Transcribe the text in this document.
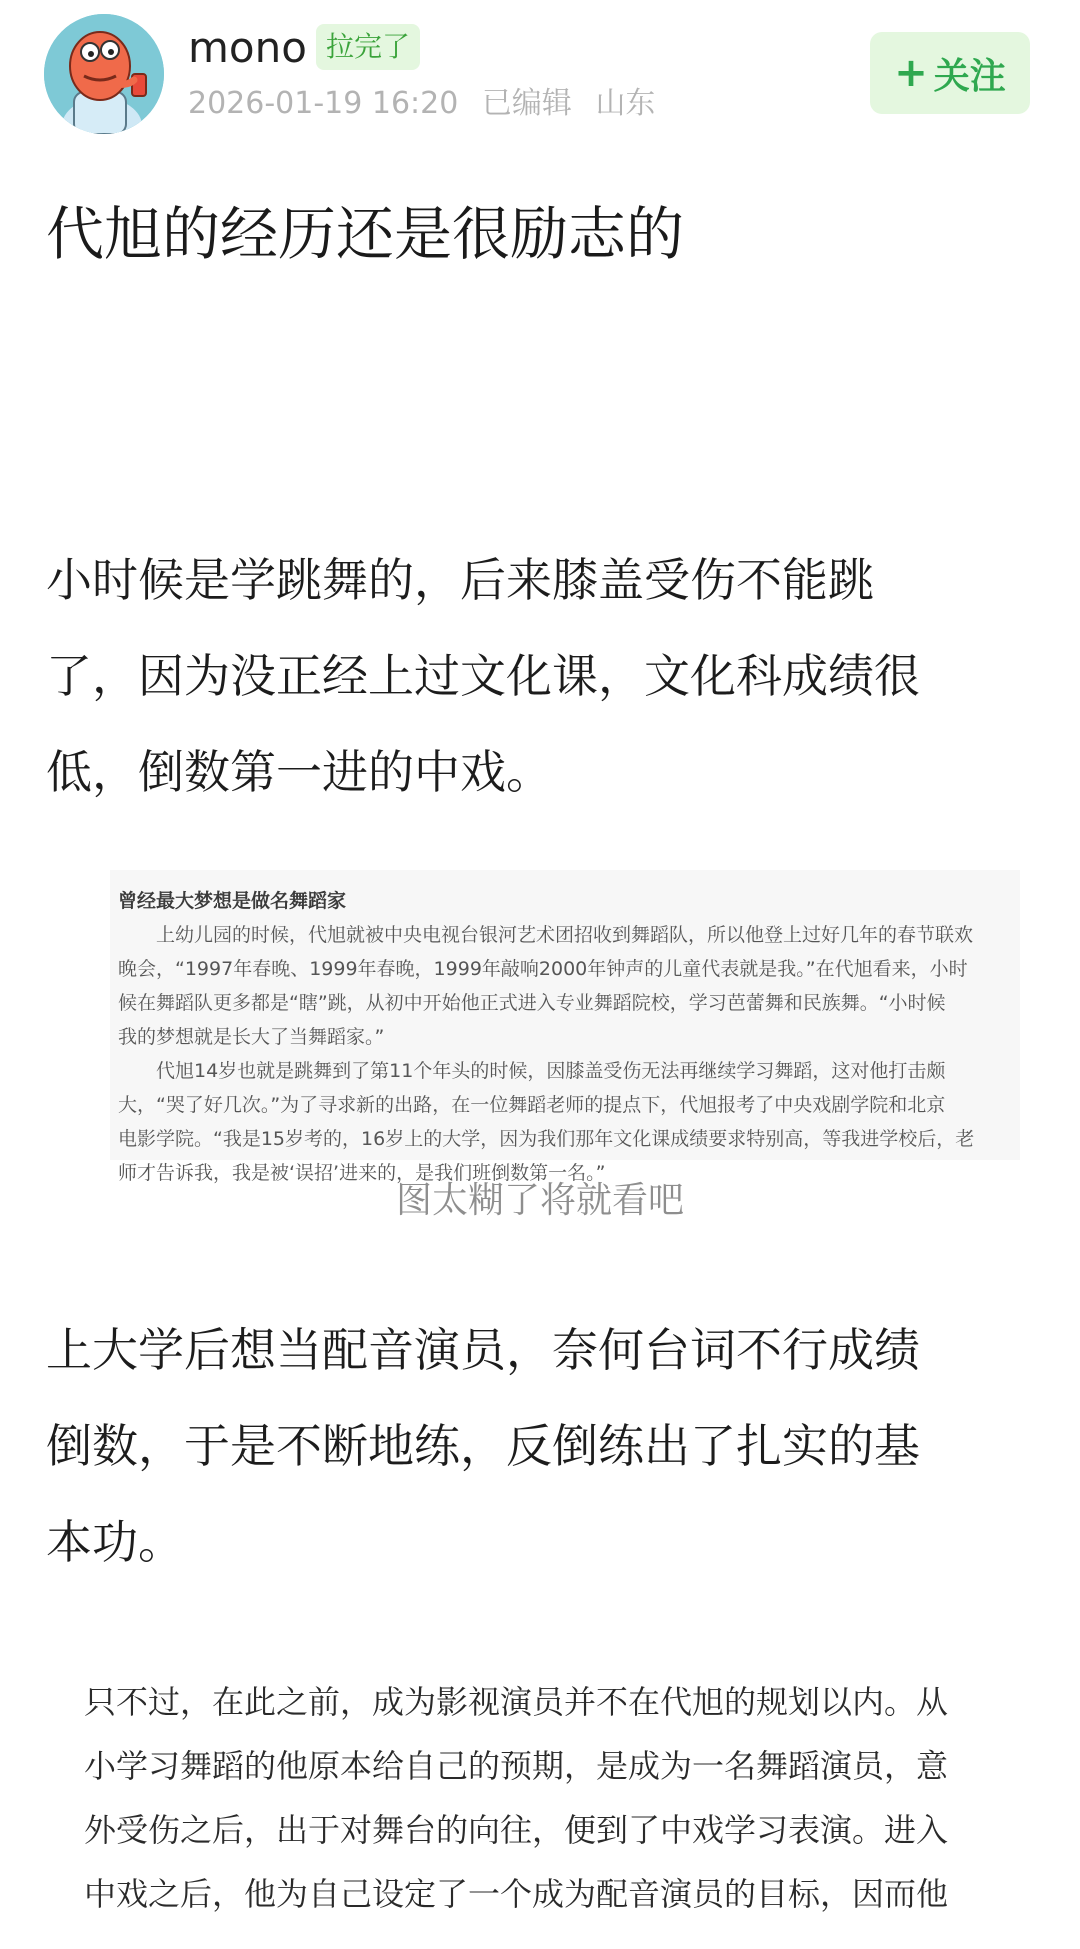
mono 拉完了
2026-01-19 16:20 已编辑 山东
+ 关注
代旭的经历还是很励志的
小时候是学跳舞的，后来膝盖受伤不能跳
了，因为没正经上过文化课，文化科成绩很
低，倒数第一进的中戏。
曾经最大梦想是做名舞蹈家
　　上幼儿园的时候，代旭就被中央电视台银河艺术团招收到舞蹈队，所以他登上过好几年的春节联欢
晚会，“1997年春晚、1999年春晚，1999年敲响2000年钟声的儿童代表就是我。”在代旭看来，小时
候在舞蹈队更多都是“瞎”跳，从初中开始他正式进入专业舞蹈院校，学习芭蕾舞和民族舞。“小时候
我的梦想就是长大了当舞蹈家。”
　　代旭14岁也就是跳舞到了第11个年头的时候，因膝盖受伤无法再继续学习舞蹈，这对他打击颇
大，“哭了好几次。”为了寻求新的出路，在一位舞蹈老师的提点下，代旭报考了中央戏剧学院和北京
电影学院。“我是15岁考的，16岁上的大学，因为我们那年文化课成绩要求特别高，等我进学校后，老
师才告诉我，我是被‘误招’进来的，是我们班倒数第一名。”
图太糊了将就看吧
上大学后想当配音演员，奈何台词不行成绩
倒数，于是不断地练，反倒练出了扎实的基
本功。
只不过，在此之前，成为影视演员并不在代旭的规划以内。从
小学习舞蹈的他原本给自己的预期，是成为一名舞蹈演员，意
外受伤之后，出于对舞台的向往，便到了中戏学习表演。进入
中戏之后，他为自己设定了一个成为配音演员的目标，因而他
